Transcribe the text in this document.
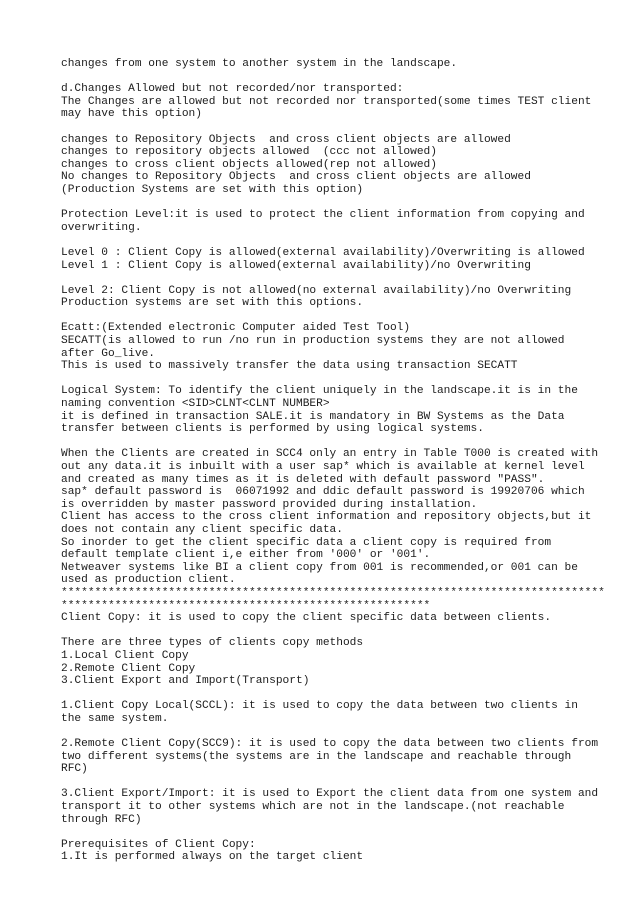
changes from one system to another system in the landscape.
d.Changes Allowed but not recorded/nor transported:
The Changes are allowed but not recorded nor transported(some times TEST client
may have this option)
changes to Repository Objects  and cross client objects are allowed
changes to repository objects allowed  (ccc not allowed)
changes to cross client objects allowed(rep not allowed)
No changes to Repository Objects  and cross client objects are allowed
(Production Systems are set with this option)
Protection Level:it is used to protect the client information from copying and
overwriting.
Level 0 : Client Copy is allowed(external availability)/Overwriting is allowed
Level 1 : Client Copy is allowed(external availability)/no Overwriting
Level 2: Client Copy is not allowed(no external availability)/no Overwriting
Production systems are set with this options.
Ecatt:(Extended electronic Computer aided Test Tool)
SECATT(is allowed to run /no run in production systems they are not allowed
after Go_live.
This is used to massively transfer the data using transaction SECATT
Logical System: To identify the client uniquely in the landscape.it is in the
naming convention <SID>CLNT<CLNT NUMBER>
it is defined in transaction SALE.it is mandatory in BW Systems as the Data
transfer between clients is performed by using logical systems.
When the Clients are created in SCC4 only an entry in Table T000 is created with
out any data.it is inbuilt with a user sap* which is available at kernel level
and created as many times as it is deleted with default password "PASS".
sap* default password is  06071992 and ddic default password is 19920706 which
is overridden by master password provided during installation.
Client has access to the cross client information and repository objects,but it
does not contain any client specific data.
So inorder to get the client specific data a client copy is required from
default template client i,e either from '000' or '001'.
Netweaver systems like BI a client copy from 001 is recommended,or 001 can be
used as production client.
*********************************************************************************
*******************************************************
Client Copy: it is used to copy the client specific data between clients.
There are three types of clients copy methods
1.Local Client Copy
2.Remote Client Copy
3.Client Export and Import(Transport)
1.Client Copy Local(SCCL): it is used to copy the data between two clients in
the same system.
2.Remote Client Copy(SCC9): it is used to copy the data between two clients from
two different systems(the systems are in the landscape and reachable through
RFC)
3.Client Export/Import: it is used to Export the client data from one system and
transport it to other systems which are not in the landscape.(not reachable
through RFC)
Prerequisites of Client Copy:
1.It is performed always on the target client
